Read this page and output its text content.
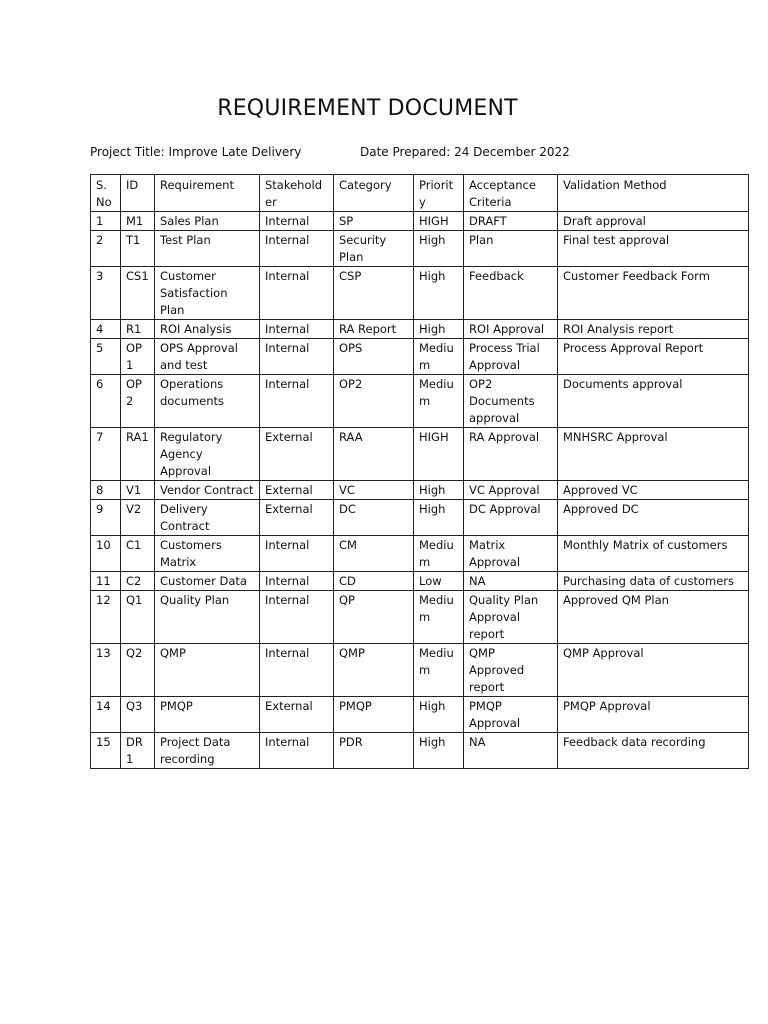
REQUIREMENT DOCUMENT
Project Title: Improve Late Delivery	Date Prepared: 24 December 2022
S.No	ID	Requirement	Stakeholder	Category	Priority	Acceptance Criteria	Validation Method
1	M1	Sales Plan	Internal	SP	HIGH	DRAFT	Draft approval
2	T1	Test Plan	Internal	Security Plan	High	Plan	Final test approval
3	CS1	Customer Satisfaction Plan	Internal	CSP	High	Feedback	Customer Feedback Form
4	R1	ROI Analysis	Internal	RA Report	High	ROI Approval	ROI Analysis report
5	OP1	OPS Approval and test	Internal	OPS	Mediu m	Process Trial Approval	Process Approval Report
6	OP2	Operations documents	Internal	OP2	Mediu m	OP2 Documents approval	Documents approval
7	RA1	Regulatory Agency Approval	External	RAA	HIGH	RA Approval	MNHSRC Approval
8	V1	Vendor Contract	External	VC	High	VC Approval	Approved VC
9	V2	Delivery Contract	External	DC	High	DC Approval	Approved DC
10	C1	Customers Matrix	Internal	CM	Mediu m	Matrix Approval	Monthly Matrix of customers
11	C2	Customer Data	Internal	CD	Low	NA	Purchasing data of customers
12	Q1	Quality Plan	Internal	QP	Mediu m	Quality Plan Approval report	Approved QM Plan
13	Q2	QMP	Internal	QMP	Mediu m	QMP Approved report	QMP Approval
14	Q3	PMQP	External	PMQP	High	PMQP Approval	PMQP Approval
15	DR1	Project Data recording	Internal	PDR	High	NA	Feedback data recording
